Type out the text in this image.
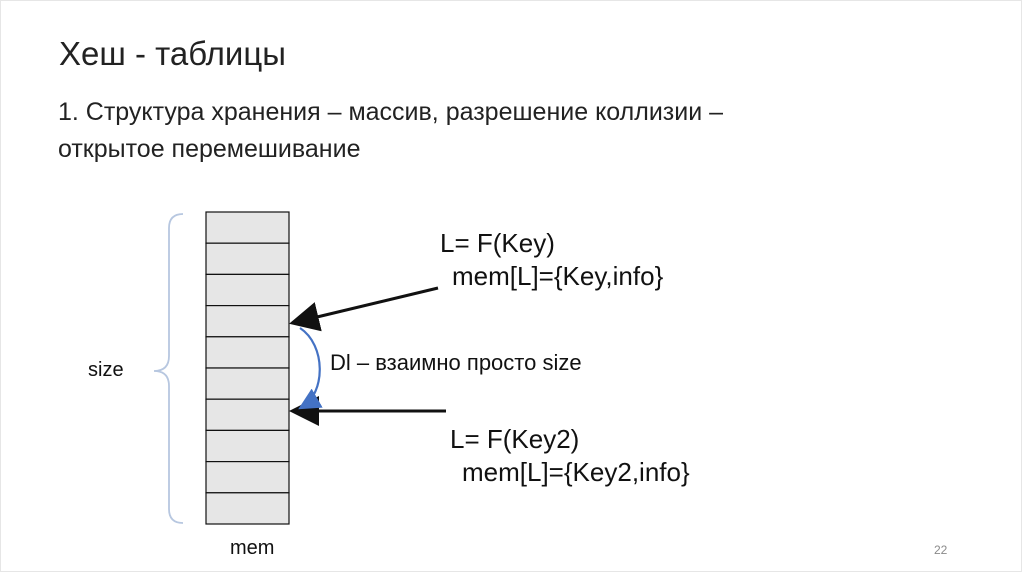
Хеш - таблицы
1. Структура хранения – массив, разрешение коллизии –
открытое перемешивание
size
mem
L= F(Key)
mem[L]={Key,info}
Dl – взаимно просто size
L= F(Key2)
mem[L]={Key2,info}
22
